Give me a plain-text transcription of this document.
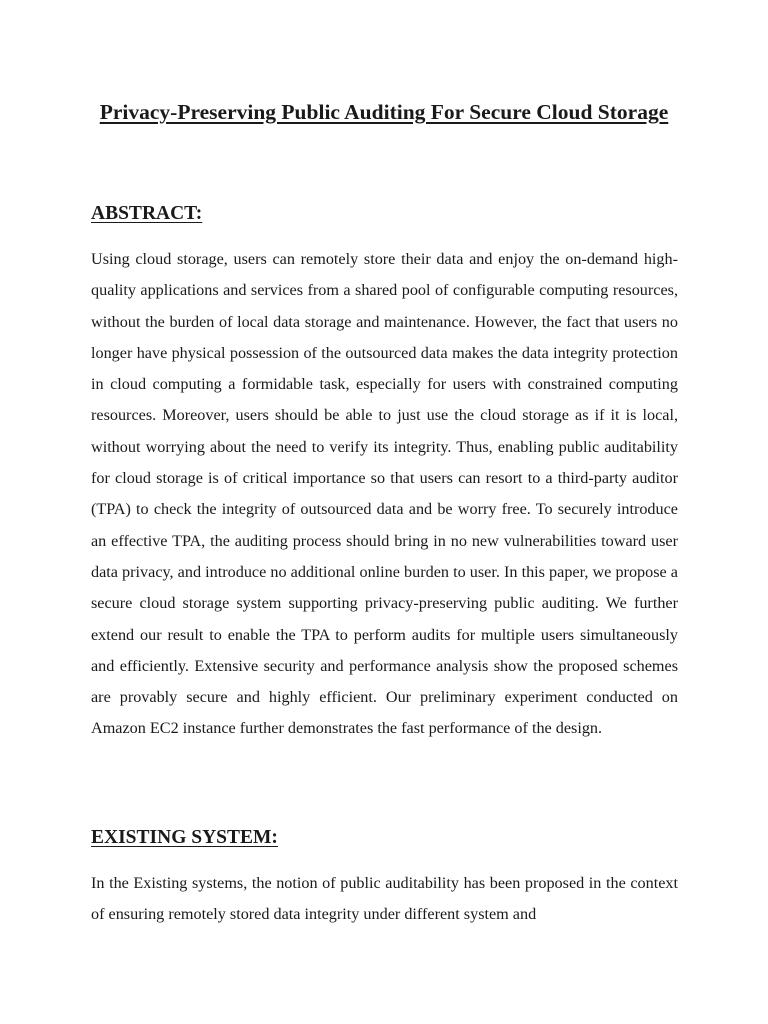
Privacy-Preserving Public Auditing For Secure Cloud Storage
ABSTRACT:

Using cloud storage, users can remotely store their data and enjoy the on-demand high-quality applications and services from a shared pool of configurable computing resources, without the burden of local data storage and maintenance. However, the fact that users no longer have physical possession of the outsourced data makes the data integrity protection in cloud computing a formidable task, especially for users with constrained computing resources. Moreover, users should be able to just use the cloud storage as if it is local, without worrying about the need to verify its integrity. Thus, enabling public auditability for cloud storage is of critical importance so that users can resort to a third-party auditor (TPA) to check the integrity of outsourced data and be worry free. To securely introduce an effective TPA, the auditing process should bring in no new vulnerabilities toward user data privacy, and introduce no additional online burden to user. In this paper, we propose a secure cloud storage system supporting privacy-preserving public auditing. We further extend our result to enable the TPA to perform audits for multiple users simultaneously and efficiently. Extensive security and performance analysis show the proposed schemes are provably secure and highly efficient. Our preliminary experiment conducted on Amazon EC2 instance further demonstrates the fast performance of the design.

EXISTING SYSTEM:

In the Existing systems, the notion of public auditability has been proposed in the context of ensuring remotely stored data integrity under different system and
